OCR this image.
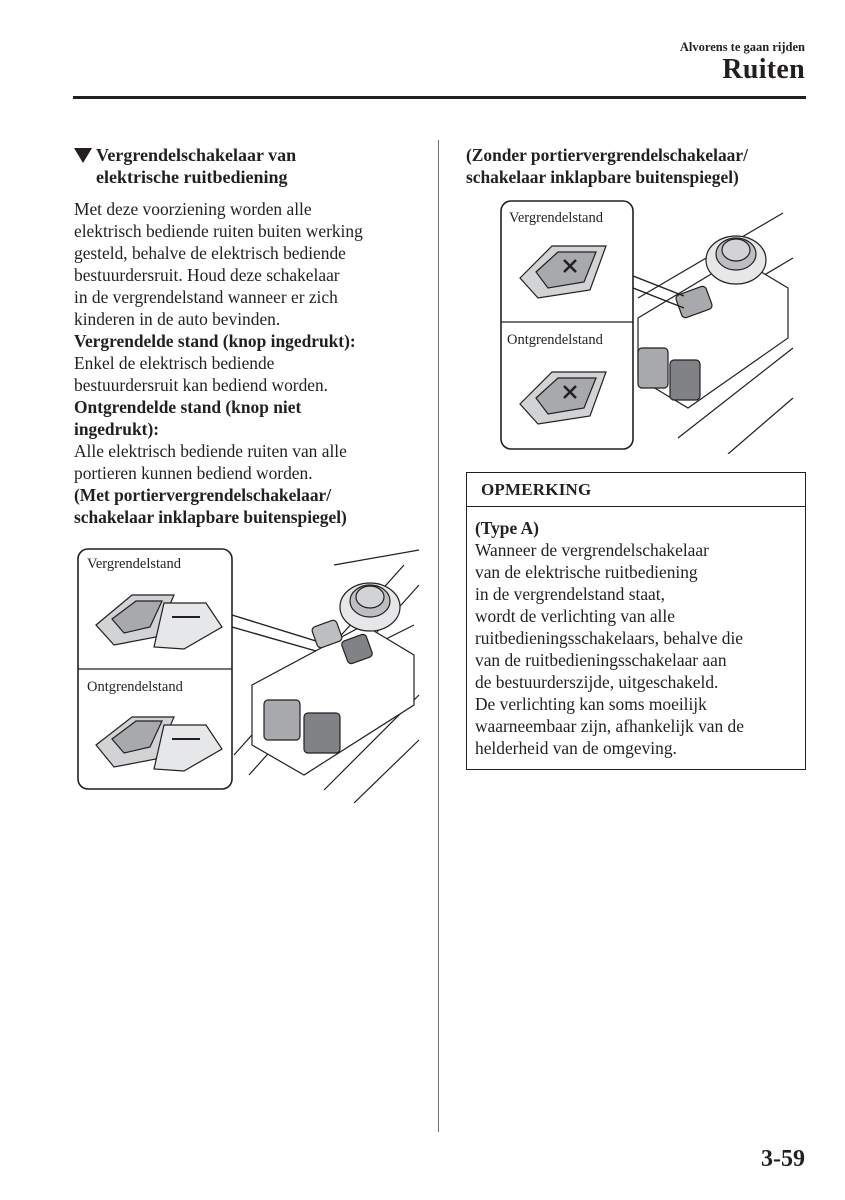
Alvorens te gaan rijden
Ruiten
Vergrendelschakelaar van
elektrische ruitbediening
Met deze voorziening worden alle
elektrisch bediende ruiten buiten werking
gesteld, behalve de elektrisch bediende
bestuurdersruit. Houd deze schakelaar
in de vergrendelstand wanneer er zich
kinderen in de auto bevinden.
Vergrendelde stand (knop ingedrukt):
Enkel de elektrisch bediende
bestuurdersruit kan bediend worden.
Ontgrendelde stand (knop niet
ingedrukt):
Alle elektrisch bediende ruiten van alle
portieren kunnen bediend worden.
(Met portiervergrendelschakelaar/
schakelaar inklapbare buitenspiegel)
Vergrendelstand
Ontgrendelstand
(Zonder portiervergrendelschakelaar/
schakelaar inklapbare buitenspiegel)
Vergrendelstand
Ontgrendelstand
OPMERKING
(Type A)
Wanneer de vergrendelschakelaar
van de elektrische ruitbediening
in de vergrendelstand staat,
wordt de verlichting van alle
ruitbedieningsschakelaars, behalve die
van de ruitbedieningsschakelaar aan
de bestuurderszijde, uitgeschakeld.
De verlichting kan soms moeilijk
waarneembaar zijn, afhankelijk van de
helderheid van de omgeving.
3-59
